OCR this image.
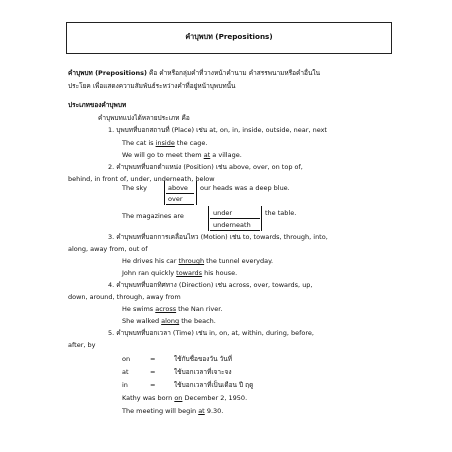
คำบุพบท (Prepositions)
คำบุพบท (Prepositions) คือ คำหรือกลุ่มคำที่วางหน้าคำนาม คำสรรพนามหรือคำอื่นใน
ประโยค เพื่อแสดงความสัมพันธ์ระหว่างคำที่อยู่หน้าบุพบทนั้น
ประเภทของคำบุพบท
คำบุพบทแบ่งได้หลายประเภท คือ
1. บุพบทที่บอกสถานที่ (Place) เช่น at, on, in, inside, outside, near, next
The cat is inside the cage.
We will go to meet them at a village.
2. คำบุพบทที่บอกตำแหน่ง (Position) เช่น above, over, on top of,
behind, in front of, under, underneath, below
The sky	above
over
our heads was a deep blue.
The magazines are	under
underneath
the table.
3. คำบุพบทที่บอกการเคลื่อนไหว (Motion) เช่น to, towards, through, into,
along, away from, out of
He drives his car through the tunnel everyday.
John ran quickly towards his house.
4. คำบุพบทที่บอกทิศทาง (Direction) เช่น across, over, towards, up,
down, around, through, away from
He swims across the Nan river.
She walked along the beach.
5. คำบุพบทที่บอกเวลา (Time) เช่น in, on, at, within, during, before,
after, by
on	=	ใช้กับชื่อของวัน วันที่
at	=	ใช้บอกเวลาที่เจาะจง
in	=	ใช้บอกเวลาที่เป็นเดือน ปี ฤดู
Kathy was born on December 2, 1950.
The meeting will begin at 9.30.
